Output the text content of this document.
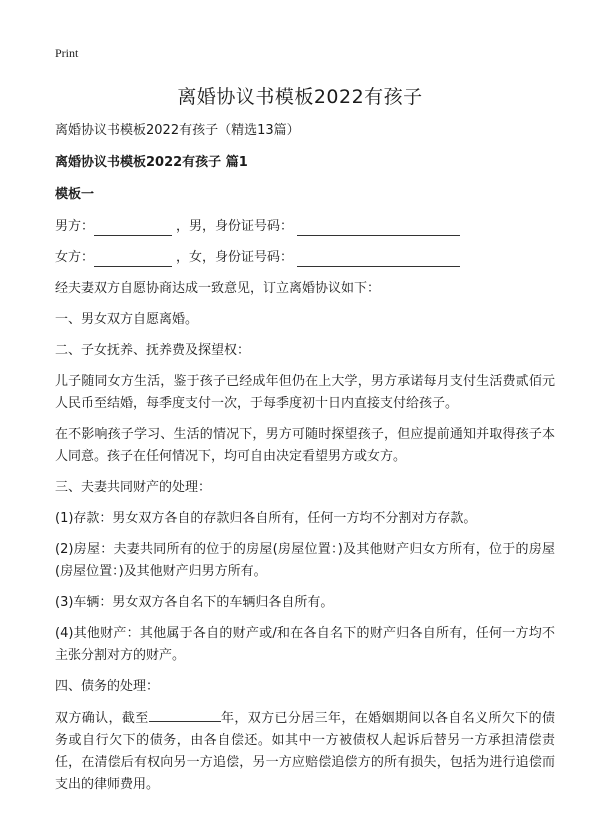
Print
离婚协议书模板2022有孩子

离婚协议书模板2022有孩子（精选13篇）

离婚协议书模板2022有孩子 篇1

模板一

男方：	，男，身份证号码：
女方：	，女，身份证号码：

经夫妻双方自愿协商达成一致意见，订立离婚协议如下：

一、男女双方自愿离婚。

二、子女抚养、抚养费及探望权：

儿子随同女方生活，鉴于孩子已经成年但仍在上大学，男方承诺每月支付生活费贰佰元人民币至结婚，每季度支付一次，于每季度初十日内直接支付给孩子。

在不影响孩子学习、生活的情况下，男方可随时探望孩子，但应提前通知并取得孩子本人同意。孩子在任何情况下，均可自由决定看望男方或女方。

三、夫妻共同财产的处理：

(1)存款：男女双方各自的存款归各自所有，任何一方均不分割对方存款。

(2)房屋：夫妻共同所有的位于的房屋(房屋位置：)及其他财产归女方所有，位于的房屋(房屋位置：)及其他财产归男方所有。

(3)车辆：男女双方各自名下的车辆归各自所有。

(4)其他财产：其他属于各自的财产或/和在各自名下的财产归各自所有，任何一方均不主张分割对方的财产。

四、债务的处理：

双方确认，截至	年，双方已分居三年，在婚姻期间以各自名义所欠下的债务或自行欠下的债务，由各自偿还。如其中一方被债权人起诉后替另一方承担清偿责任，在清偿后有权向另一方追偿，另一方应赔偿追偿方的所有损失，包括为进行追偿而支出的律师费用。
